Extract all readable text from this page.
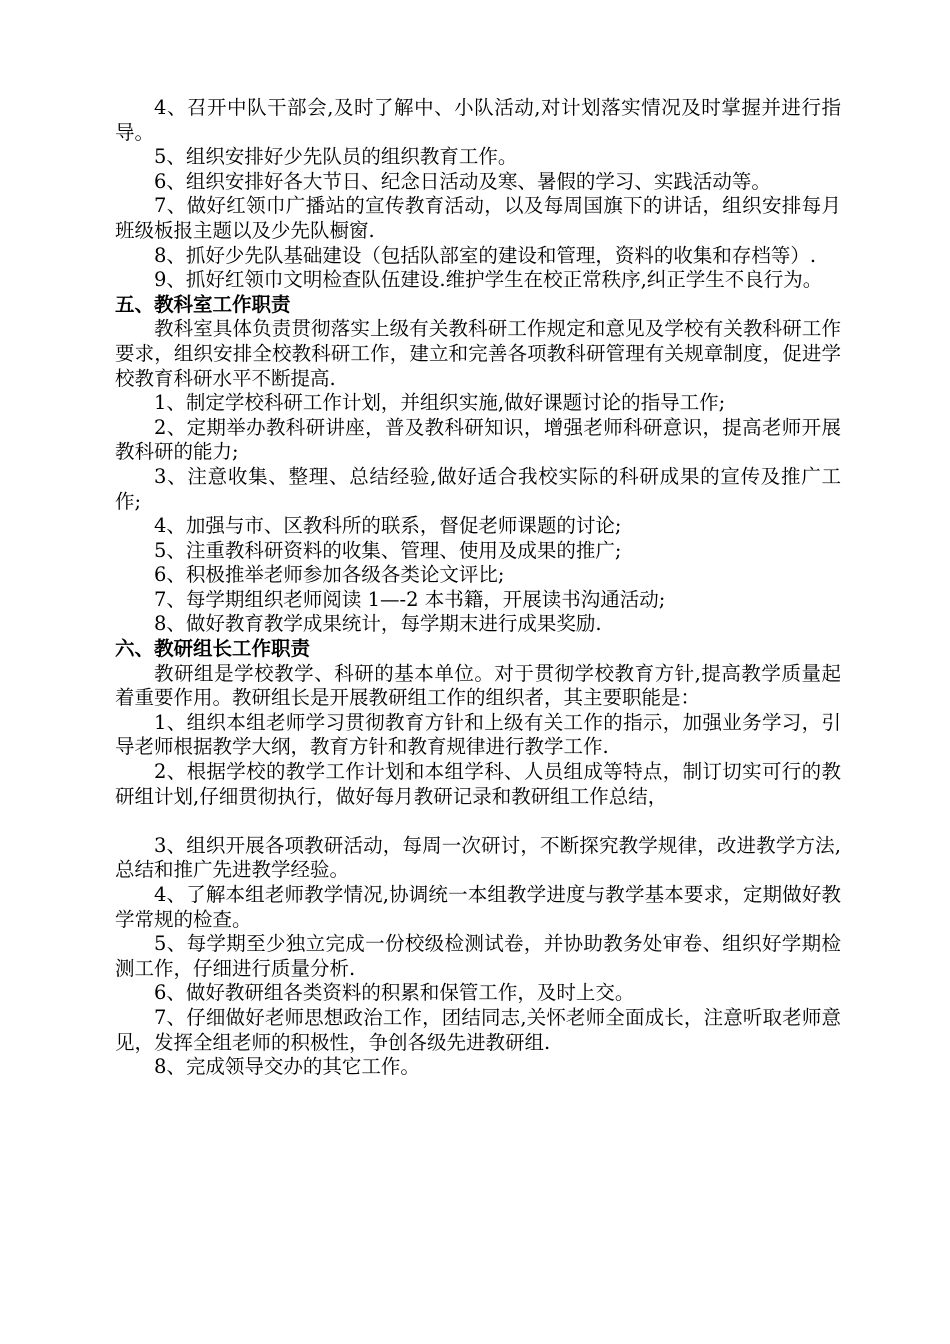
4、召开中队干部会,及时了解中、小队活动,对计划落实情况及时掌握并进行指导。

5、组织安排好少先队员的组织教育工作。

6、组织安排好各大节日、纪念日活动及寒、暑假的学习、实践活动等。

7、做好红领巾广播站的宣传教育活动，以及每周国旗下的讲话，组织安排每月班级板报主题以及少先队橱窗.

8、抓好少先队基础建设（包括队部室的建设和管理，资料的收集和存档等）.

9、抓好红领巾文明检查队伍建设.维护学生在校正常秩序,纠正学生不良行为。

五、教科室工作职责

教科室具体负责贯彻落实上级有关教科研工作规定和意见及学校有关教科研工作要求，组织安排全校教科研工作，建立和完善各项教科研管理有关规章制度，促进学校教育科研水平不断提高.

1、制定学校科研工作计划，并组织实施,做好课题讨论的指导工作;

2、定期举办教科研讲座，普及教科研知识，增强老师科研意识，提高老师开展教科研的能力;

3、注意收集、整理、总结经验,做好适合我校实际的科研成果的宣传及推广工作;

4、加强与市、区教科所的联系，督促老师课题的讨论;

5、注重教科研资料的收集、管理、使用及成果的推广;

6、积极推举老师参加各级各类论文评比;

7、每学期组织老师阅读 1—-2 本书籍，开展读书沟通活动;

8、做好教育教学成果统计，每学期末进行成果奖励.

六、教研组长工作职责

教研组是学校教学、科研的基本单位。对于贯彻学校教育方针,提高教学质量起着重要作用。教研组长是开展教研组工作的组织者，其主要职能是：

1、组织本组老师学习贯彻教育方针和上级有关工作的指示，加强业务学习，引导老师根据教学大纲，教育方针和教育规律进行教学工作.

2、根据学校的教学工作计划和本组学科、人员组成等特点，制订切实可行的教研组计划,仔细贯彻执行，做好每月教研记录和教研组工作总结，

3、组织开展各项教研活动，每周一次研讨，不断探究教学规律，改进教学方法,总结和推广先进教学经验。

4、了解本组老师教学情况,协调统一本组教学进度与教学基本要求，定期做好教学常规的检查。

5、每学期至少独立完成一份校级检测试卷，并协助教务处审卷、组织好学期检测工作，仔细进行质量分析.

6、做好教研组各类资料的积累和保管工作，及时上交。

7、仔细做好老师思想政治工作，团结同志,关怀老师全面成长，注意听取老师意见，发挥全组老师的积极性，争创各级先进教研组.

8、完成领导交办的其它工作。
